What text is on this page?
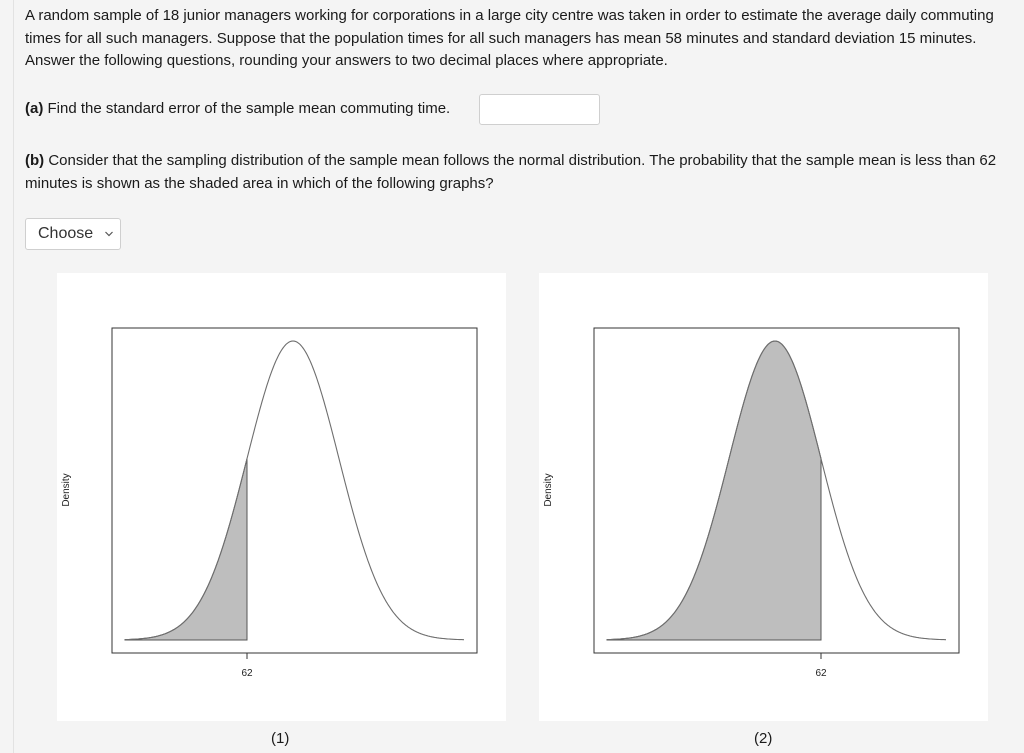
A random sample of 18 junior managers working for corporations in a large city centre was taken in order to estimate the average daily commuting times for all such managers. Suppose that the population times for all such managers has mean 58 minutes and standard deviation 15 minutes. Answer the following questions, rounding your answers to two decimal places where appropriate.

(a) Find the standard error of the sample mean commuting time.

(b) Consider that the sampling distribution of the sample mean follows the normal distribution. The probability that the sample mean is less than 62 minutes is shown as the shaded area in which of the following graphs?

Choose
62
Density
62
Density
(1)	(2)
